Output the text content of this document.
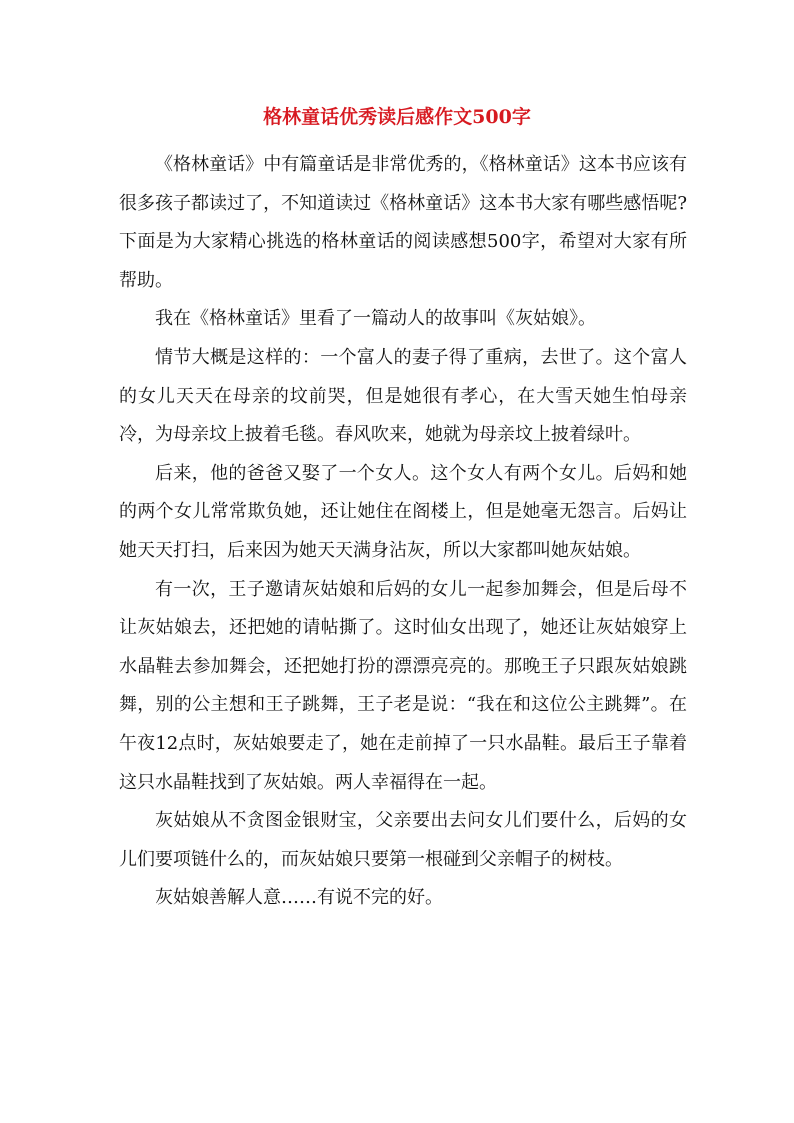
格林童话优秀读后感作文500字

《格林童话》中有篇童话是非常优秀的，《格林童话》这本书应该有很多孩子都读过了，不知道读过《格林童话》这本书大家有哪些感悟呢?下面是为大家精心挑选的格林童话的阅读感想500字，希望对大家有所帮助。

我在《格林童话》里看了一篇动人的故事叫《灰姑娘》。

情节大概是这样的：一个富人的妻子得了重病，去世了。这个富人的女儿天天在母亲的坟前哭，但是她很有孝心，在大雪天她生怕母亲冷，为母亲坟上披着毛毯。春风吹来，她就为母亲坟上披着绿叶。

后来，他的爸爸又娶了一个女人。这个女人有两个女儿。后妈和她的两个女儿常常欺负她，还让她住在阁楼上，但是她毫无怨言。后妈让她天天打扫，后来因为她天天满身沾灰，所以大家都叫她灰姑娘。

有一次，王子邀请灰姑娘和后妈的女儿一起参加舞会，但是后母不让灰姑娘去，还把她的请帖撕了。这时仙女出现了，她还让灰姑娘穿上水晶鞋去参加舞会，还把她打扮的漂漂亮亮的。那晚王子只跟灰姑娘跳舞，别的公主想和王子跳舞，王子老是说：“我在和这位公主跳舞”。在午夜12点时，灰姑娘要走了，她在走前掉了一只水晶鞋。最后王子靠着这只水晶鞋找到了灰姑娘。两人幸福得在一起。

灰姑娘从不贪图金银财宝，父亲要出去问女儿们要什么，后妈的女儿们要项链什么的，而灰姑娘只要第一根碰到父亲帽子的树枝。

灰姑娘善解人意……有说不完的好。
